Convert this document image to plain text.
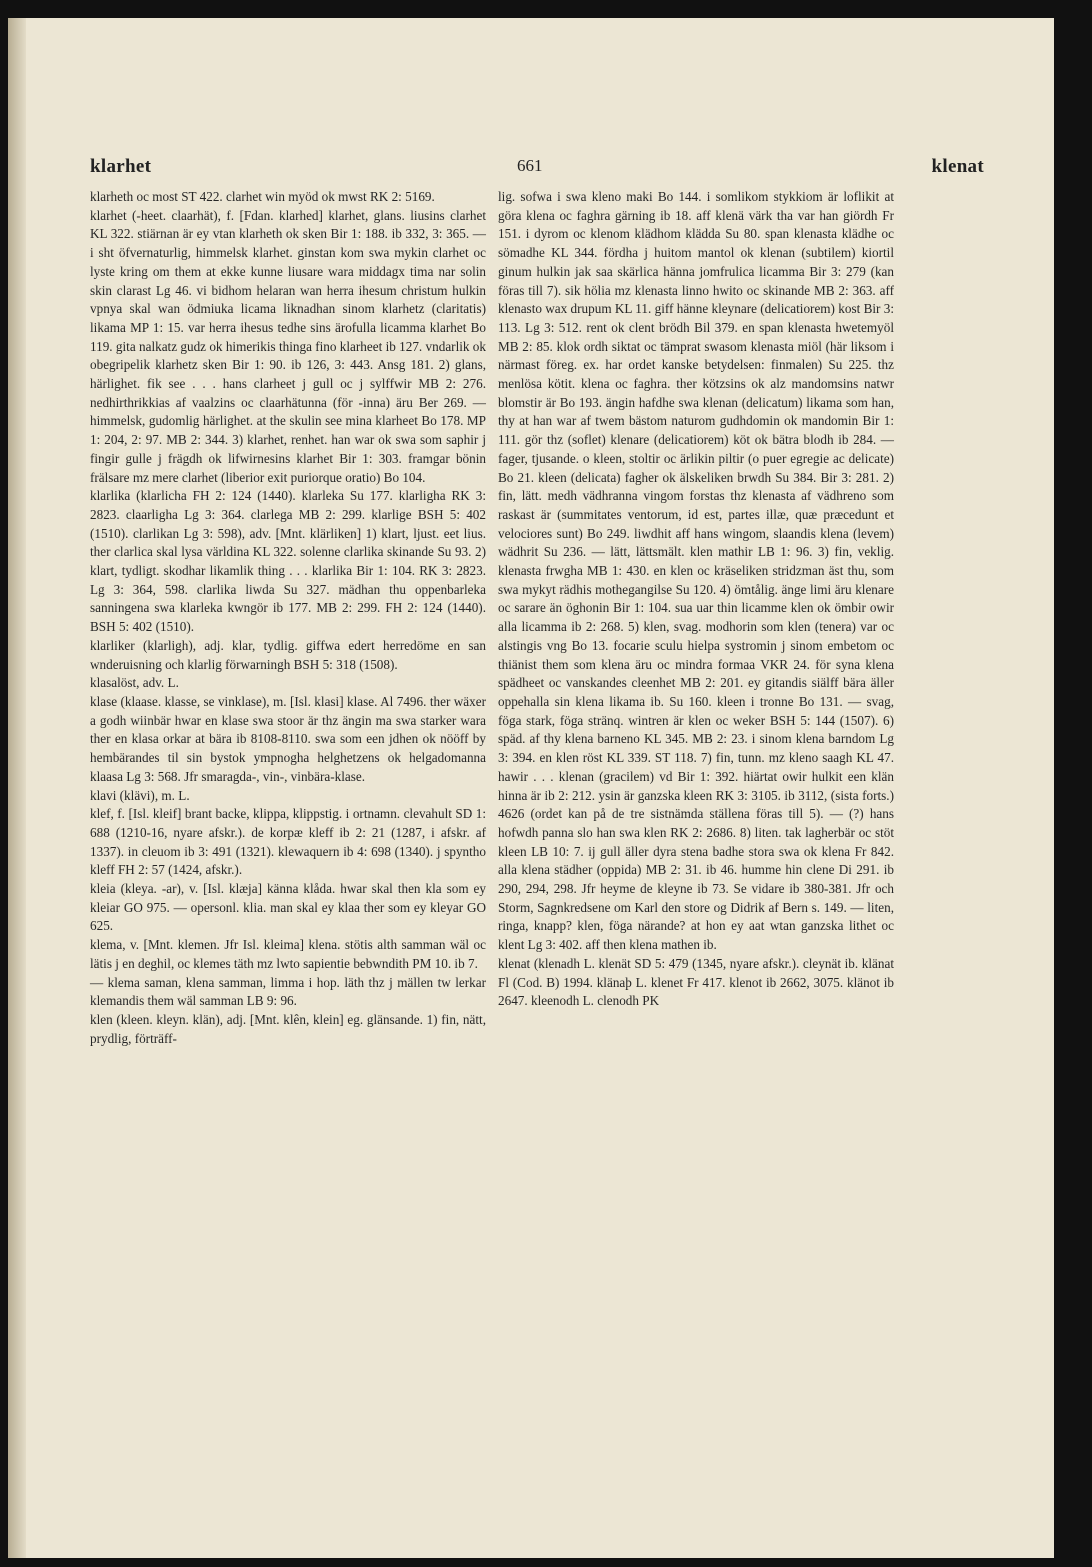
klarhet	661	klenat

klarheth oc most ST 422. clarhet win myöd ok mwst RK 2: 5169.

klarhet (-heet. claarhät), f. [Fdan. klarhed] klarhet, glans. liusins clarhet KL 322. stiärnan är ey vtan klarheth ok sken Bir 1: 188. ib 332, 3: 365. — i sht öfvernaturlig, himmelsk klarhet. ginstan kom swa mykin clarhet oc lyste kring om them at ekke kunne liusare wara middagx tima nar solin skin clarast Lg 46. vi bidhom helaran wan herra ihesum christum hulkin vpnya skal wan ödmiuka licama liknadhan sinom klarhetz (claritatis) likama MP 1: 15. var herra ihesus tedhe sins ärofulla licamma klarhet Bo 119. gita nalkatz gudz ok himerikis thinga fino klarheet ib 127. vndarlik ok obegripelik klarhetz sken Bir 1: 90. ib 126, 3: 443. Ansg 181. 2) glans, härlighet. fik see . . . hans clarheet j gull oc j sylffwir MB 2: 276. nedhirthrikkias af vaalzins oc claarhätunna (för -inna) äru Ber 269. — himmelsk, gudomlig härlighet. at the skulin see mina klarheet Bo 178. MP 1: 204, 2: 97. MB 2: 344. 3) klarhet, renhet. han war ok swa som saphir j fingir gulle j frägdh ok lifwirnesins klarhet Bir 1: 303. framgar bönin frälsare mz mere clarhet (liberior exit puriorque oratio) Bo 104.

klarlika (klarlicha FH 2: 124 (1440). klarleka Su 177. klarligha RK 3: 2823. claarligha Lg 3: 364. clarlega MB 2: 299. klarlige BSH 5: 402 (1510). clarlikan Lg 3: 598), adv. [Mnt. klärliken] 1) klart, ljust. eet lius. ther clarlica skal lysa världina KL 322. solenne clarlika skinande Su 93. 2) klart, tydligt. skodhar likamlik thing . . . klarlika Bir 1: 104. RK 3: 2823. Lg 3: 364, 598. clarlika liwda Su 327. mädhan thu oppenbarleka sanningena swa klarleka kwngör ib 177. MB 2: 299. FH 2: 124 (1440). BSH 5: 402 (1510).

klarliker (klarligh), adj. klar, tydlig. giffwa edert herredöme en san wnderuisning och klarlig förwarningh BSH 5: 318 (1508).

klasalöst, adv. L.

klase (klaase. klasse, se vinklase), m. [Isl. klasi] klase. Al 7496. ther wäxer a godh wiinbär hwar en klase swa stoor är thz ängin ma swa starker wara ther en klasa orkar at bära ib 8108-8110. swa som een jdhen ok nööff by hembärandes til sin bystok ympnogha helghetzens ok helgadomanna klaasa Lg 3: 568. Jfr smaragda-, vin-, vinbära-klase.

klavi (klävi), m. L.

klef, f. [Isl. kleif] brant backe, klippa, klippstig. i ortnamn. clevahult SD 1: 688 (1210-16, nyare afskr.). de korpæ kleff ib 2: 21 (1287, i afskr. af 1337). in cleuom ib 3: 491 (1321). klewaquern ib 4: 698 (1340). j spyntho kleff FH 2: 57 (1424, afskr.).

kleia (kleya. -ar), v. [Isl. klæja] känna klåda. hwar skal then kla som ey kleiar GO 975. — opersonl. klia. man skal ey klaa ther som ey kleyar GO 625.

klema, v. [Mnt. klemen. Jfr Isl. kleima] klena. stötis alth samman wäl oc lätis j en deghil, oc klemes täth mz lwto sapientie bebwndith PM 10. ib 7.

— klema saman, klena samman, limma i hop. läth thz j mällen tw lerkar klemandis them wäl samman LB 9: 96.

klen (kleen. kleyn. klän), adj. [Mnt. klên, klein] eg. glänsande. 1) fin, nätt, prydlig, förträff-

lig. sofwa i swa kleno maki Bo 144. i somlikom stykkiom är loflikit at göra klena oc faghra gärning ib 18. aff klenä värk tha var han giördh Fr 151. i dyrom oc klenom klädhom klädda Su 80. span klenasta klädhe oc sömadhe KL 344. fördha j huitom mantol ok klenan (subtilem) kiortil ginum hulkin jak saa skärlica hänna jomfrulica licamma Bir 3: 279 (kan föras till 7). sik hölia mz klenasta linno hwito oc skinande MB 2: 363. aff klenasto wax drupum KL 11. giff hänne kleynare (delicatiorem) kost Bir 3: 113. Lg 3: 512. rent ok clent brödh Bil 379. en span klenasta hwetemyöl MB 2: 85. klok ordh siktat oc tämprat swasom klenasta miöl (här liksom i närmast föreg. ex. har ordet kanske betydelsen: finmalen) Su 225. thz menlösa kötit. klena oc faghra. ther kötzsins ok alz mandomsins natwr blomstir är Bo 193. ängin hafdhe swa klenan (delicatum) likama som han, thy at han war af twem bästom naturom gudhdomin ok mandomin Bir 1: 111. gör thz (soflet) klenare (delicatiorem) köt ok bätra blodh ib 284. — fager, tjusande. o kleen, stoltir oc ärlikin piltir (o puer egregie ac delicate) Bo 21. kleen (delicata) fagher ok älskeliken brwdh Su 384. Bir 3: 281. 2) fin, lätt. medh vädhranna vingom forstas thz klenasta af vädhreno som raskast är (summitates ventorum, id est, partes illæ, quæ præcedunt et velociores sunt) Bo 249. liwdhit aff hans wingom, slaandis klena (levem) wädhrit Su 236. — lätt, lättsmält. klen mathir LB 1: 96. 3) fin, veklig. klenasta frwgha MB 1: 430. en klen oc kräseliken stridzman äst thu, som swa mykyt rädhis mothegangilse Su 120. 4) ömtålig. änge limi äru klenare oc sarare än öghonin Bir 1: 104. sua uar thin licamme klen ok ömbir owir alla licamma ib 2: 268. 5) klen, svag. modhorin som klen (tenera) var oc alstingis vng Bo 13. focarie sculu hielpa systromin j sinom embetom oc thiänist them som klena äru oc mindra formaa VKR 24. för syna klena spädheet oc vanskandes cleenhet MB 2: 201. ey gitandis siälff bära äller oppehalla sin klena likama ib. Su 160. kleen i tronne Bo 131. — svag, föga stark, föga stränq. wintren är klen oc weker BSH 5: 144 (1507). 6) späd. af thy klena barneno KL 345. MB 2: 23. i sinom klena barndom Lg 3: 394. en klen röst KL 339. ST 118. 7) fin, tunn. mz kleno saagh KL 47. hawir . . . klenan (gracilem) vd Bir 1: 392. hiärtat owir hulkit een klän hinna är ib 2: 212. ysin är ganzska kleen RK 3: 3105. ib 3112, (sista forts.) 4626 (ordet kan på de tre sistnämda ställena föras till 5). — (?) hans hofwdh panna slo han swa klen RK 2: 2686. 8) liten. tak lagherbär oc stöt kleen LB 10: 7. ij gull äller dyra stena badhe stora swa ok klena Fr 842. alla klena städher (oppida) MB 2: 31. ib 46. humme hin clene Di 291. ib 290, 294, 298. Jfr heyme de kleyne ib 73. Se vidare ib 380-381. Jfr och Storm, Sagnkredsene om Karl den store og Didrik af Bern s. 149. — liten, ringa, knapp? klen, föga närande? at hon ey aat wtan ganzska lithet oc klent Lg 3: 402. aff then klena mathen ib.

klenat (klenadh L. klenät SD 5: 479 (1345, nyare afskr.). cleynät ib. klänat Fl (Cod. B) 1994. klänaþ L. klenet Fr 417. klenot ib 2662, 3075. klänot ib 2647. kleenodh L. clenodh PK
